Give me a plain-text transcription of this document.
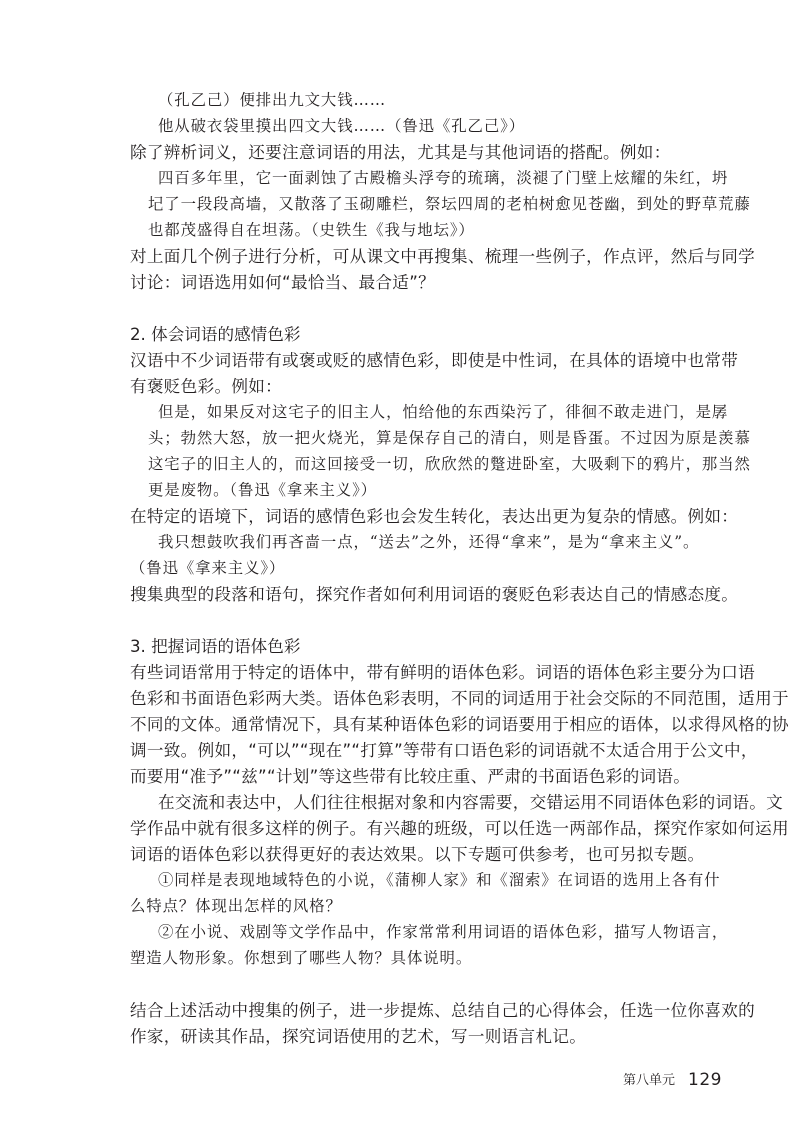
（孔乙己）便排出九文大钱……
他从破衣袋里摸出四文大钱……（鲁迅《孔乙己》）
除了辨析词义，还要注意词语的用法，尤其是与其他词语的搭配。例如：
四百多年里，它一面剥蚀了古殿檐头浮夸的琉璃，淡褪了门壁上炫耀的朱红，坍
圮了一段段高墙，又散落了玉砌雕栏，祭坛四周的老柏树愈见苍幽，到处的野草荒藤
也都茂盛得自在坦荡。（史铁生《我与地坛》）
对上面几个例子进行分析，可从课文中再搜集、梳理一些例子，作点评，然后与同学
讨论：词语选用如何“最恰当、最合适”？
2. 体会词语的感情色彩
汉语中不少词语带有或褒或贬的感情色彩，即使是中性词，在具体的语境中也常带
有褒贬色彩。例如：
但是，如果反对这宅子的旧主人，怕给他的东西染污了，徘徊不敢走进门，是孱
头；勃然大怒，放一把火烧光，算是保存自己的清白，则是昏蛋。不过因为原是羡慕
这宅子的旧主人的，而这回接受一切，欣欣然的蹩进卧室，大吸剩下的鸦片，那当然
更是废物。（鲁迅《拿来主义》）
在特定的语境下，词语的感情色彩也会发生转化，表达出更为复杂的情感。例如：
我只想鼓吹我们再吝啬一点，“送去”之外，还得“拿来”，是为“拿来主义”。
（鲁迅《拿来主义》）
搜集典型的段落和语句，探究作者如何利用词语的褒贬色彩表达自己的情感态度。
3. 把握词语的语体色彩
有些词语常用于特定的语体中，带有鲜明的语体色彩。词语的语体色彩主要分为口语
色彩和书面语色彩两大类。语体色彩表明，不同的词适用于社会交际的不同范围，适用于
不同的文体。通常情况下，具有某种语体色彩的词语要用于相应的语体，以求得风格的协
调一致。例如，“可以”“现在”“打算”等带有口语色彩的词语就不太适合用于公文中，
而要用“准予”“兹”“计划”等这些带有比较庄重、严肃的书面语色彩的词语。
在交流和表达中，人们往往根据对象和内容需要，交错运用不同语体色彩的词语。文
学作品中就有很多这样的例子。有兴趣的班级，可以任选一两部作品，探究作家如何运用
词语的语体色彩以获得更好的表达效果。以下专题可供参考，也可另拟专题。
①同样是表现地域特色的小说，《蒲柳人家》和《溜索》在词语的选用上各有什
么特点？体现出怎样的风格？
②在小说、戏剧等文学作品中，作家常常利用词语的语体色彩，描写人物语言，
塑造人物形象。你想到了哪些人物？具体说明。
结合上述活动中搜集的例子，进一步提炼、总结自己的心得体会，任选一位你喜欢的
作家，研读其作品，探究词语使用的艺术，写一则语言札记。
第八单元 129
